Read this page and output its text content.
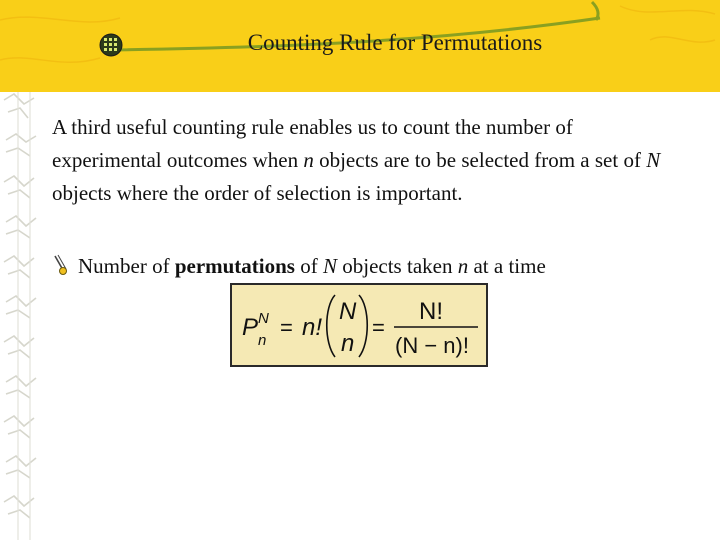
Counting Rule for Permutations
A third useful counting rule enables us to count the number of experimental outcomes when n objects are to be selected from a set of N objects where the order of selection is important.
Number of permutations of N objects taken n at a time
P N
n
= n!
N
n
=
N!
(N − n)!
